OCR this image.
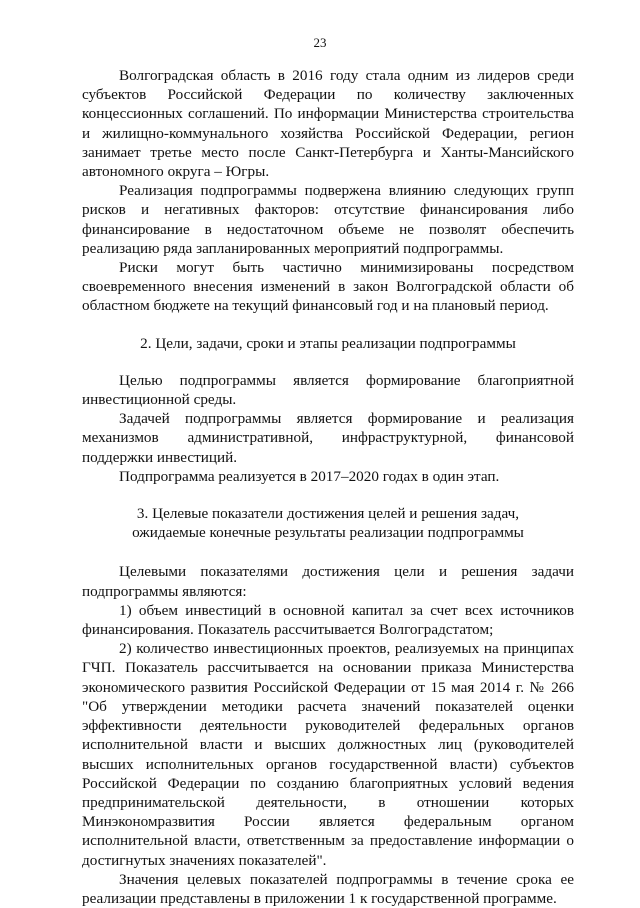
23

Волгоградская область в 2016 году стала одним из лидеров среди субъектов Российской Федерации по количеству заключенных концессионных соглашений. По информации Министерства строительства и жилищно-коммунального хозяйства Российской Федерации, регион занимает третье место после Санкт-Петербурга и Ханты-Мансийского автономного округа – Югры.

Реализация подпрограммы подвержена влиянию следующих групп рисков и негативных факторов: отсутствие финансирования либо финансирование в недостаточном объеме не позволят обеспечить реализацию ряда запланированных мероприятий подпрограммы.

Риски могут быть частично минимизированы посредством своевременного внесения изменений в закон Волгоградской области об областном бюджете на текущий финансовый год и на плановый период.

2. Цели, задачи, сроки и этапы реализации подпрограммы

Целью подпрограммы является формирование благоприятной инвестиционной среды.

Задачей подпрограммы является формирование и реализация механизмов административной, инфраструктурной, финансовой поддержки инвестиций.

Подпрограмма реализуется в 2017–2020 годах в один этап.

3. Целевые показатели достижения целей и решения задач,
ожидаемые конечные результаты реализации подпрограммы

Целевыми показателями достижения цели и решения задачи подпрограммы являются:

1) объем инвестиций в основной капитал за счет всех источников финансирования. Показатель рассчитывается Волгоградстатом;

2) количество инвестиционных проектов, реализуемых на принципах ГЧП. Показатель рассчитывается на основании приказа Министерства экономического развития Российской Федерации от 15 мая 2014 г. № 266 "Об утверждении методики расчета значений показателей оценки эффективности деятельности руководителей федеральных органов исполнительной власти и высших должностных лиц (руководителей высших исполнительных органов государственной власти) субъектов Российской Федерации по созданию благоприятных условий ведения предпринимательской деятельности, в отношении которых Минэкономразвития России является федеральным органом исполнительной власти, ответственным за предоставление информации о достигнутых значениях показателей".

Значения целевых показателей подпрограммы в течение срока ее реализации представлены в приложении 1 к государственной программе.
